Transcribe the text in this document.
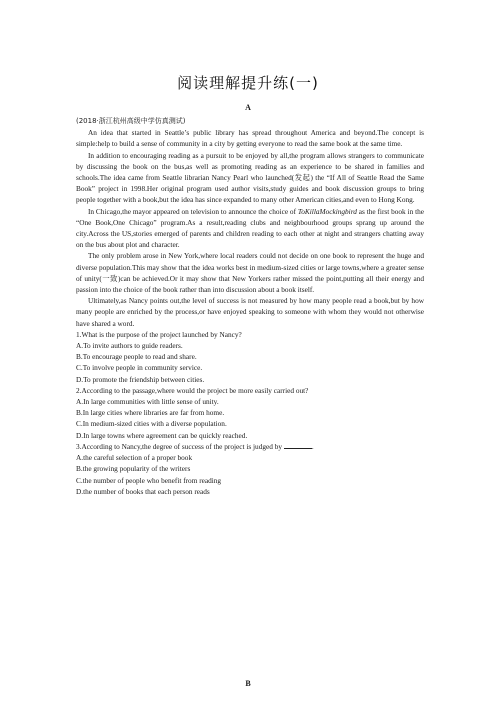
阅读理解提升练(一)
A

(2018·浙江杭州高级中学仿真测试)

An idea that started in Seattle’s public library has spread throughout America and beyond.The concept is simple:help to build a sense of community in a city by getting everyone to read the same book at the same time.

In addition to encouraging reading as a pursuit to be enjoyed by all,the program allows strangers to communicate by discussing the book on the bus,as well as promoting reading as an experience to be shared in families and schools.The idea came from Seattle librarian Nancy Pearl who launched(发起) the “If All of Seattle Read the Same Book” project in 1998.Her original program used author visits,study guides and book discussion groups to bring people together with a book,but the idea has since expanded to many other American cities,and even to Hong Kong.

In Chicago,the mayor appeared on television to announce the choice of ToKillaMockingbird as the first book in the “One Book,One Chicago” program.As a result,reading clubs and neighbourhood groups sprang up around the city.Across the US,stories emerged of parents and children reading to each other at night and strangers chatting away on the bus about plot and character.

The only problem arose in New York,where local readers could not decide on one book to represent the huge and diverse population.This may show that the idea works best in medium-sized cities or large towns,where a greater sense of unity(一致)can be achieved.Or it may show that New Yorkers rather missed the point,putting all their energy and passion into the choice of the book rather than into discussion about a book itself.

Ultimately,as Nancy points out,the level of success is not measured by how many people read a book,but by how many people are enriched by the process,or have enjoyed speaking to someone with whom they would not otherwise have shared a word.

1.What is the purpose of the project launched by Nancy?

A.To invite authors to guide readers.

B.To encourage people to read and share.

C.To involve people in community service.

D.To promote the friendship between cities.

2.According to the passage,where would the project be more easily carried out?

A.In large communities with little sense of unity.

B.In large cities where libraries are far from home.

C.In medium-sized cities with a diverse population.

D.In large towns where agreement can be quickly reached.

3.According to Nancy,the degree of success of the project is judged by	.

A.the careful selection of a proper book

B.the growing popularity of the writers

C.the number of people who benefit from reading

D.the number of books that each person reads

B
